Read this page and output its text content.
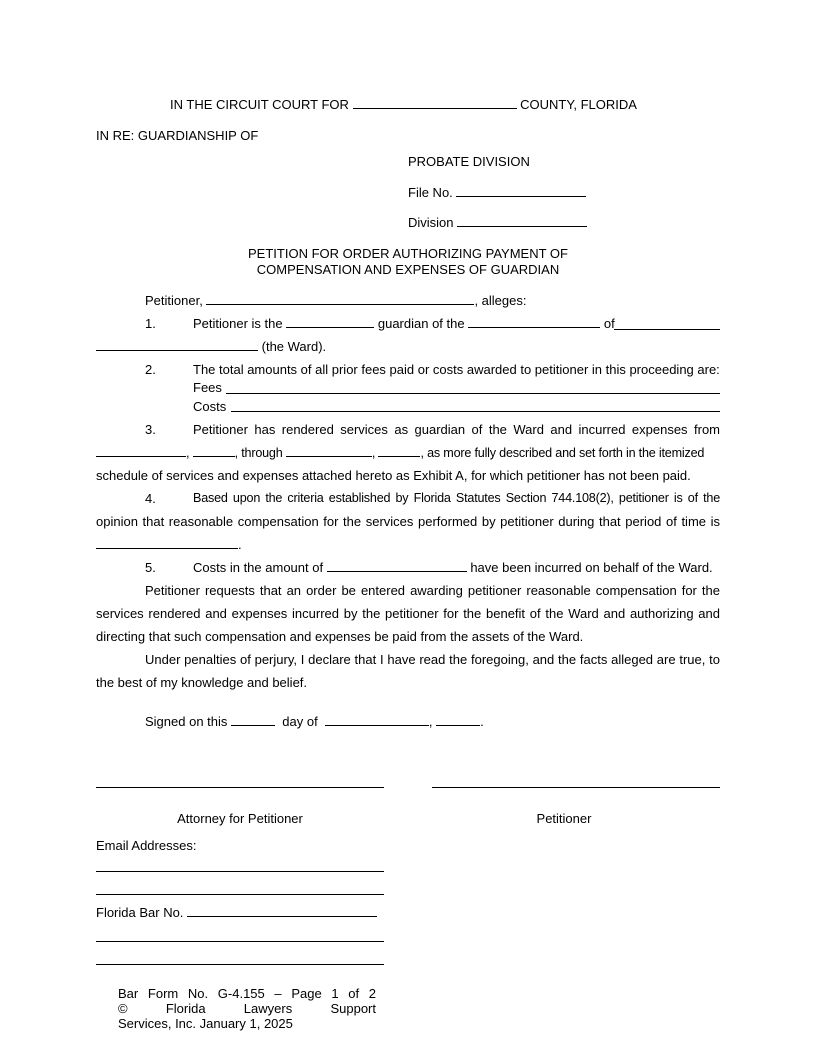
IN THE CIRCUIT COURT FOR	COUNTY, FLORIDA
IN RE: GUARDIANSHIP OF
PROBATE DIVISION
File No.
Division
PETITION FOR ORDER AUTHORIZING PAYMENT OF
COMPENSATION AND EXPENSES OF GUARDIAN
Petitioner,	, alleges:
1.	Petitioner is the	guardian of the	of
(the Ward).
2.	The total amounts of all prior fees paid or costs awarded to petitioner in this proceeding are:
Fees
Costs
3.	Petitioner has rendered services as guardian of the Ward and incurred expenses from
,	, through	,	, as more fully described and set forth in the itemized
schedule of services and expenses attached hereto as Exhibit A, for which petitioner has not been paid.
4.	Based upon the criteria established by Florida Statutes Section 744.108(2), petitioner is of the
opinion that reasonable compensation for the services performed by petitioner during that period of time is
.
5.	Costs in the amount of	have been incurred on behalf of the Ward.
Petitioner requests that an order be entered awarding petitioner reasonable compensation for the
services rendered and expenses incurred by the petitioner for the benefit of the Ward and authorizing and
directing that such compensation and expenses be paid from the assets of the Ward.
Under penalties of perjury, I declare that I have read the foregoing, and the facts alleged are true, to
the best of my knowledge and belief.
Signed on this	day of	,	.
Attorney for Petitioner	Petitioner
Email Addresses:
Florida Bar No.
Bar Form No. G-4.155 – Page 1 of 2
© Florida Lawyers Support
Services, Inc. January 1, 2025
